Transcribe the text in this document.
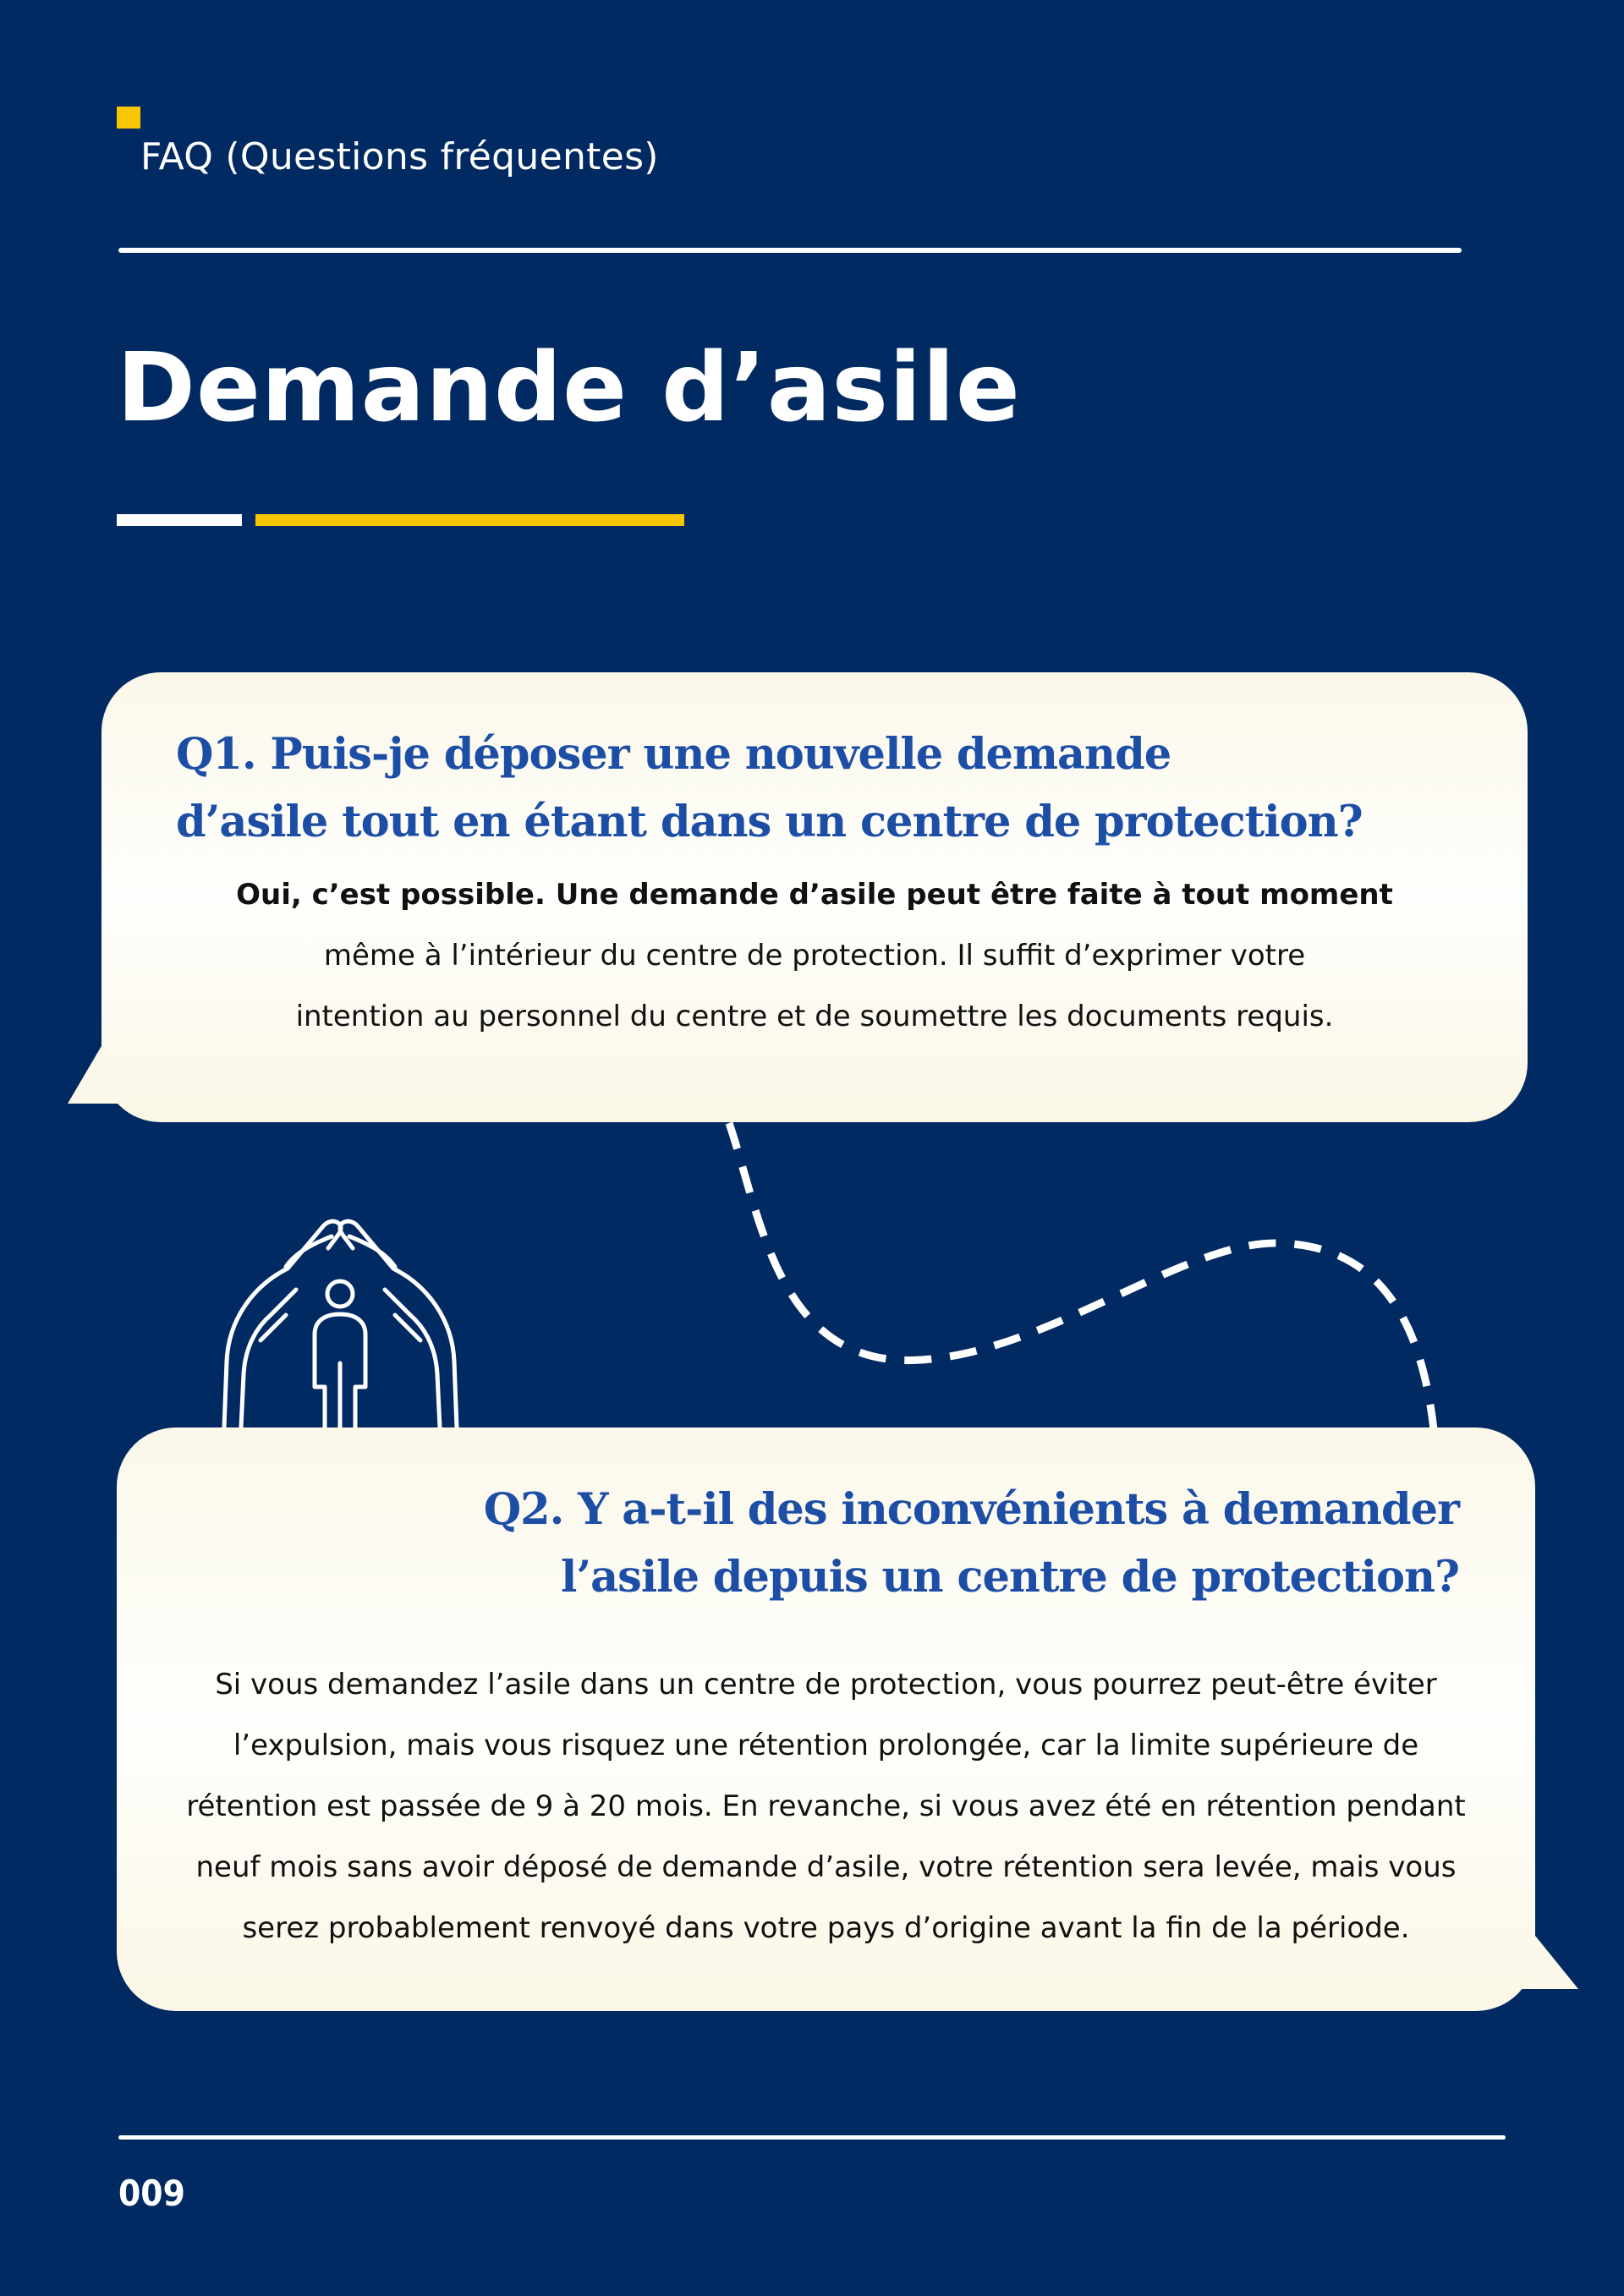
FAQ (Questions fréquentes)
Demande d’asile
Q1. Puis-je déposer une nouvelle demande
d’asile tout en étant dans un centre de protection?

Oui, c’est possible. Une demande d’asile peut être faite à tout moment
même à l’intérieur du centre de protection. Il suffit d’exprimer votre
intention au personnel du centre et de soumettre les documents requis.

Q2. Y a-t-il des inconvénients à demander
l’asile depuis un centre de protection?

Si vous demandez l’asile dans un centre de protection, vous pourrez peut-être éviter
l’expulsion, mais vous risquez une rétention prolongée, car la limite supérieure de
rétention est passée de 9 à 20 mois. En revanche, si vous avez été en rétention pendant
neuf mois sans avoir déposé de demande d’asile, votre rétention sera levée, mais vous
serez probablement renvoyé dans votre pays d’origine avant la fin de la période.

009
